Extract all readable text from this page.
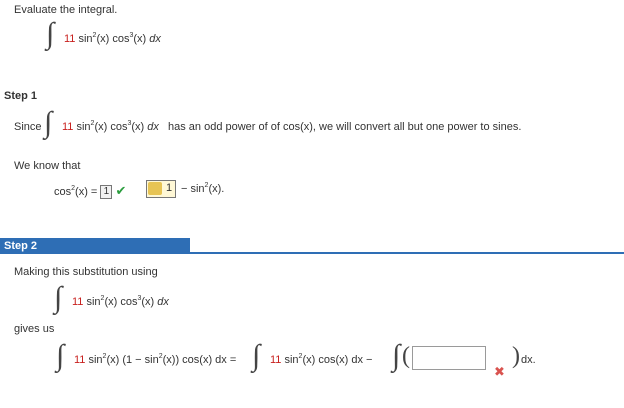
Evaluate the integral.
∫ 11 $\sin^2(x)$ $\cos^3(x)$ dx
Step 1
Since ∫ 11 $\sin^2(x)$ $\cos^3(x)$ dx has an odd power of of cos(x), we will convert all but one power to sines.
We know that
$\cos^2(x) = 1$ ✔	$1 - \sin^2(x)$.
Step 2
Making this substitution using
∫ 11 $\sin^2(x)$ $\cos^3(x)$ dx
gives us
∫ 11 $\sin^2(x) (1 - \sin^2(x))$ cos(x) dx = ∫ 11 $\sin^2(x)$ cos(x) dx − ∫ (
✖
) dx.
